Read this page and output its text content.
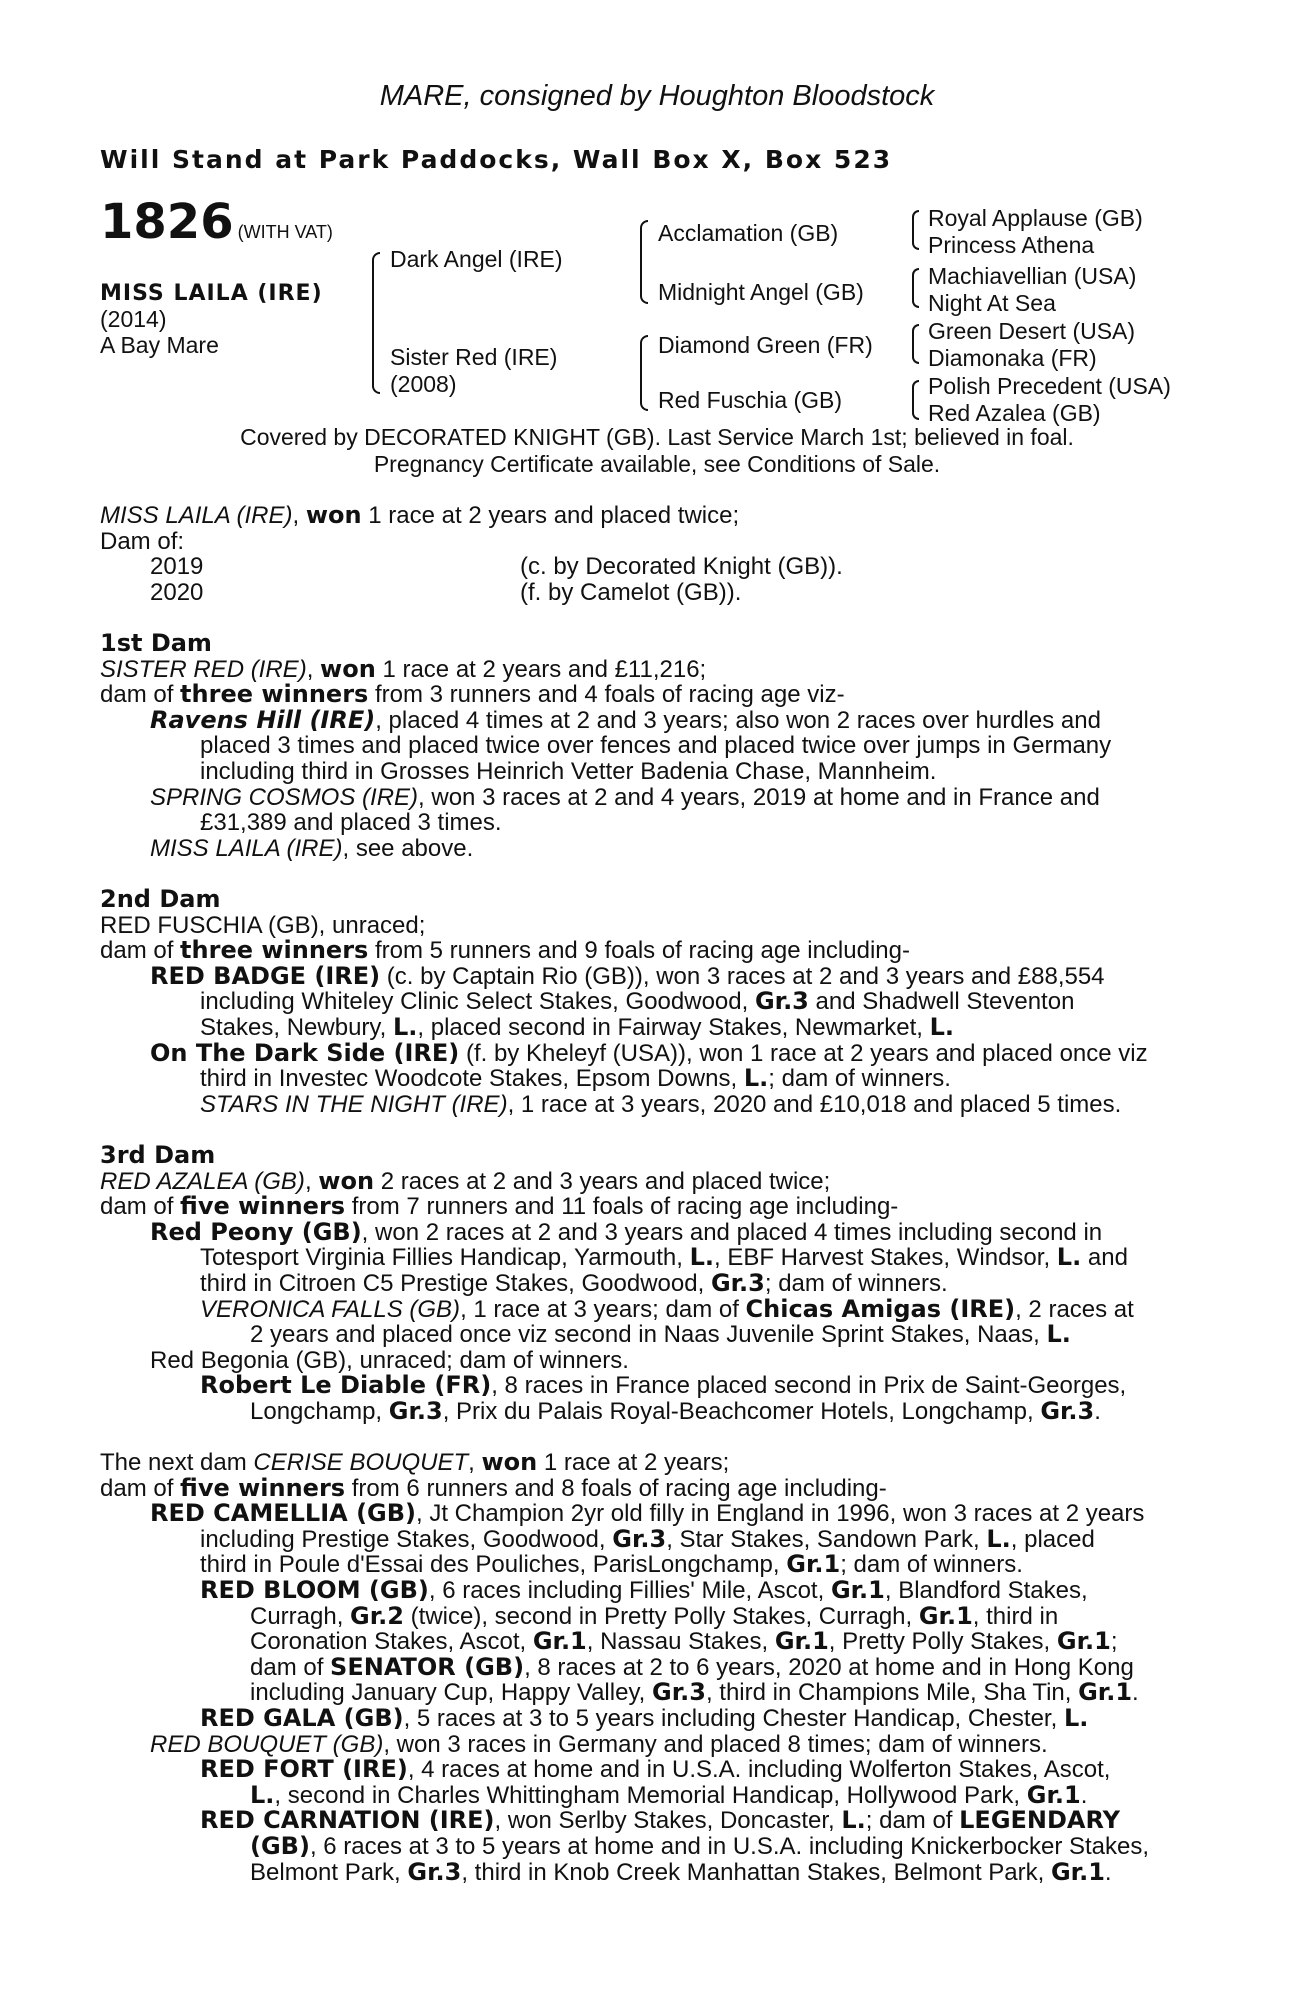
MARE, consigned by Houghton Bloodstock
Will Stand at Park Paddocks, Wall Box X, Box 523
1826 (WITH VAT)
MISS LAILA (IRE)
(2014)
A Bay Mare
Dark Angel (IRE)
Sister Red (IRE)
(2008)
Acclamation (GB)
Midnight Angel (GB)
Diamond Green (FR)
Red Fuschia (GB)
Royal Applause (GB)
Princess Athena
Machiavellian (USA)
Night At Sea
Green Desert (USA)
Diamonaka (FR)
Polish Precedent (USA)
Red Azalea (GB)
Covered by DECORATED KNIGHT (GB). Last Service March 1st; believed in foal.
Pregnancy Certificate available, see Conditions of Sale.
MISS LAILA (IRE), won 1 race at 2 years and placed twice;
Dam of:
2019	(c. by Decorated Knight (GB)).
2020	(f. by Camelot (GB)).
1st Dam
SISTER RED (IRE), won 1 race at 2 years and £11,216;
dam of three winners from 3 runners and 4 foals of racing age viz-
Ravens Hill (IRE), placed 4 times at 2 and 3 years; also won 2 races over hurdles and
placed 3 times and placed twice over fences and placed twice over jumps in Germany
including third in Grosses Heinrich Vetter Badenia Chase, Mannheim.
SPRING COSMOS (IRE), won 3 races at 2 and 4 years, 2019 at home and in France and
£31,389 and placed 3 times.
MISS LAILA (IRE), see above.
2nd Dam
RED FUSCHIA (GB), unraced;
dam of three winners from 5 runners and 9 foals of racing age including-
RED BADGE (IRE) (c. by Captain Rio (GB)), won 3 races at 2 and 3 years and £88,554
including Whiteley Clinic Select Stakes, Goodwood, Gr.3 and Shadwell Steventon
Stakes, Newbury, L., placed second in Fairway Stakes, Newmarket, L.
On The Dark Side (IRE) (f. by Kheleyf (USA)), won 1 race at 2 years and placed once viz
third in Investec Woodcote Stakes, Epsom Downs, L.; dam of winners.
STARS IN THE NIGHT (IRE), 1 race at 3 years, 2020 and £10,018 and placed 5 times.
3rd Dam
RED AZALEA (GB), won 2 races at 2 and 3 years and placed twice;
dam of five winners from 7 runners and 11 foals of racing age including-
Red Peony (GB), won 2 races at 2 and 3 years and placed 4 times including second in
Totesport Virginia Fillies Handicap, Yarmouth, L., EBF Harvest Stakes, Windsor, L. and
third in Citroen C5 Prestige Stakes, Goodwood, Gr.3; dam of winners.
VERONICA FALLS (GB), 1 race at 3 years; dam of Chicas Amigas (IRE), 2 races at
2 years and placed once viz second in Naas Juvenile Sprint Stakes, Naas, L.
Red Begonia (GB), unraced; dam of winners.
Robert Le Diable (FR), 8 races in France placed second in Prix de Saint-Georges,
Longchamp, Gr.3, Prix du Palais Royal-Beachcomer Hotels, Longchamp, Gr.3.
The next dam CERISE BOUQUET, won 1 race at 2 years;
dam of five winners from 6 runners and 8 foals of racing age including-
RED CAMELLIA (GB), Jt Champion 2yr old filly in England in 1996, won 3 races at 2 years
including Prestige Stakes, Goodwood, Gr.3, Star Stakes, Sandown Park, L., placed
third in Poule d'Essai des Pouliches, ParisLongchamp, Gr.1; dam of winners.
RED BLOOM (GB), 6 races including Fillies' Mile, Ascot, Gr.1, Blandford Stakes,
Curragh, Gr.2 (twice), second in Pretty Polly Stakes, Curragh, Gr.1, third in
Coronation Stakes, Ascot, Gr.1, Nassau Stakes, Gr.1, Pretty Polly Stakes, Gr.1;
dam of SENATOR (GB), 8 races at 2 to 6 years, 2020 at home and in Hong Kong
including January Cup, Happy Valley, Gr.3, third in Champions Mile, Sha Tin, Gr.1.
RED GALA (GB), 5 races at 3 to 5 years including Chester Handicap, Chester, L.
RED BOUQUET (GB), won 3 races in Germany and placed 8 times; dam of winners.
RED FORT (IRE), 4 races at home and in U.S.A. including Wolferton Stakes, Ascot,
L., second in Charles Whittingham Memorial Handicap, Hollywood Park, Gr.1.
RED CARNATION (IRE), won Serlby Stakes, Doncaster, L.; dam of LEGENDARY
(GB), 6 races at 3 to 5 years at home and in U.S.A. including Knickerbocker Stakes,
Belmont Park, Gr.3, third in Knob Creek Manhattan Stakes, Belmont Park, Gr.1.
